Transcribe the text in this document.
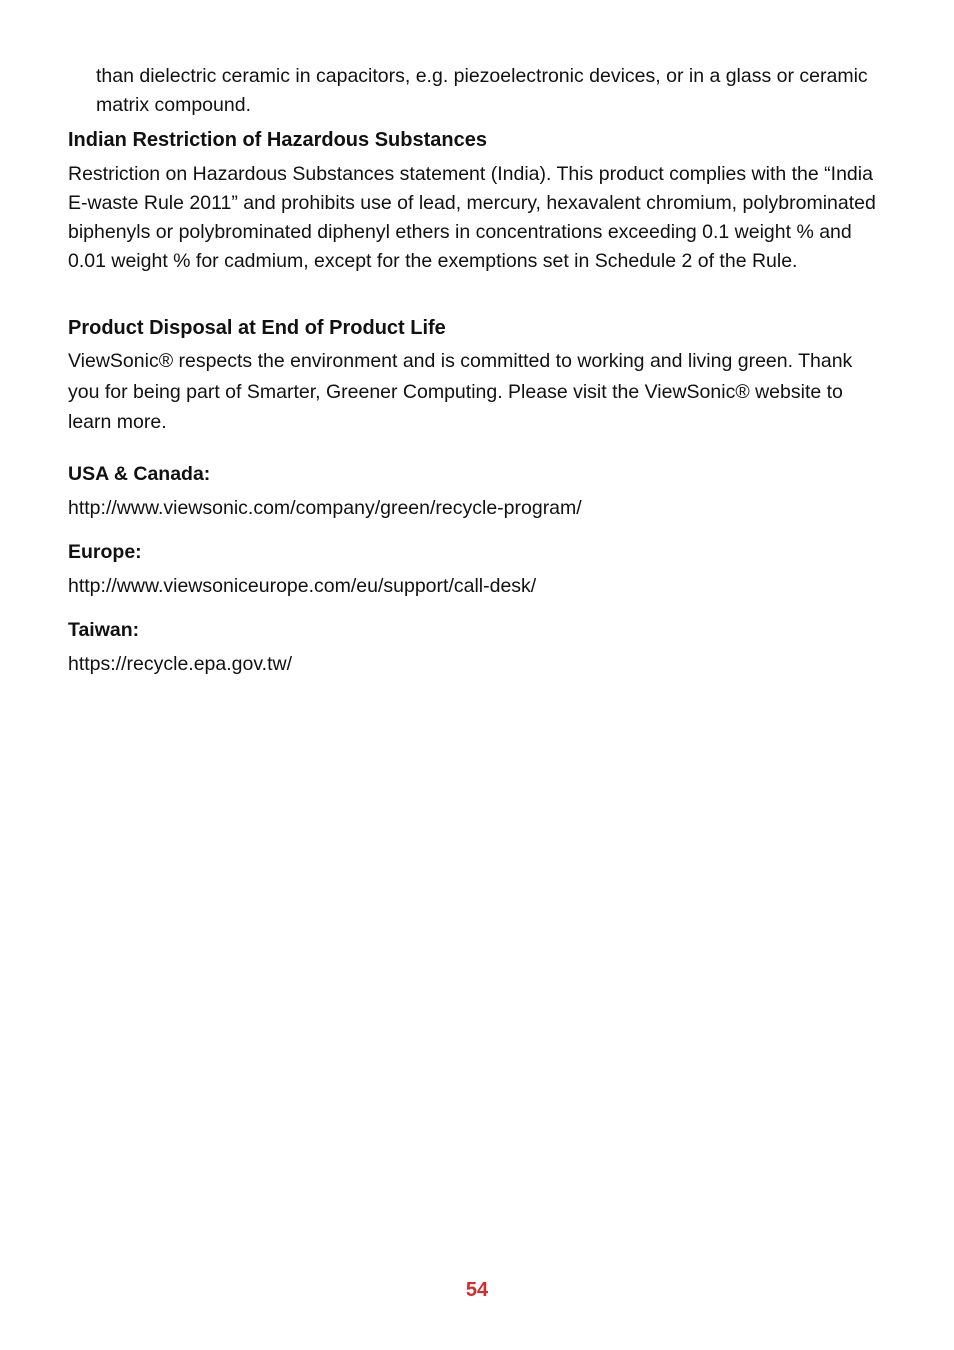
than dielectric ceramic in capacitors, e.g. piezoelectronic devices, or in a glass or ceramic matrix compound.

Indian Restriction of Hazardous Substances

Restriction on Hazardous Substances statement (India). This product complies with the “India E-waste Rule 2011” and prohibits use of lead, mercury, hexavalent chromium, polybrominated biphenyls or polybrominated diphenyl ethers in concentrations exceeding 0.1 weight % and 0.01 weight % for cadmium, except for the exemptions set in Schedule 2 of the Rule.

Product Disposal at End of Product Life

ViewSonic® respects the environment and is committed to working and living green. Thank you for being part of Smarter, Greener Computing. Please visit the ViewSonic® website to learn more.

USA & Canada:
http://www.viewsonic.com/company/green/recycle-program/
Europe:
http://www.viewsoniceurope.com/eu/support/call-desk/
Taiwan:
https://recycle.epa.gov.tw/
54
